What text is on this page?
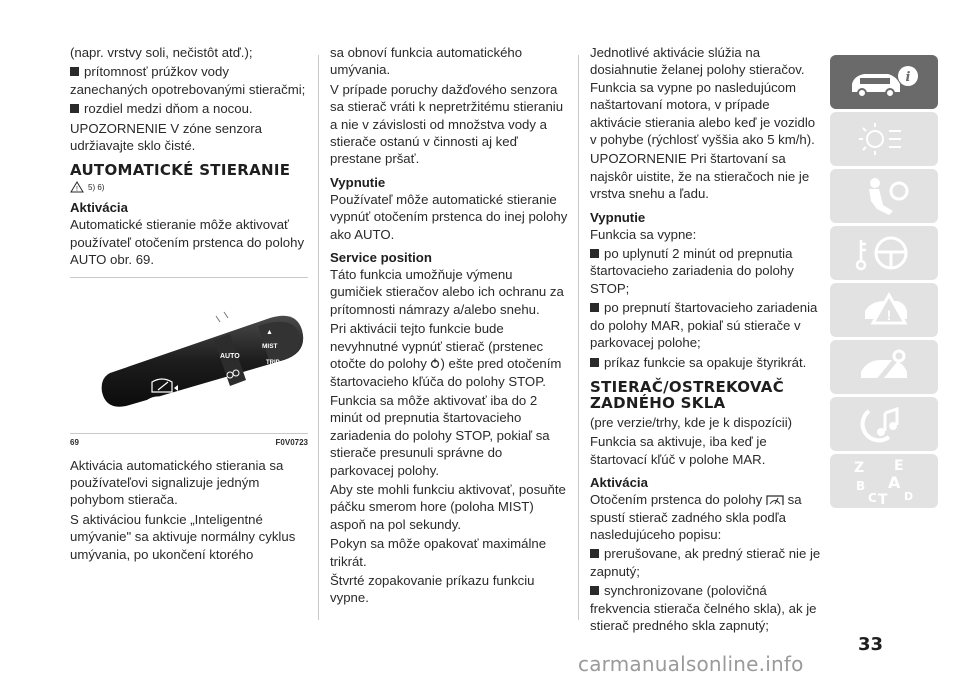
(napr. vrstvy soli, nečistôt atď.);

prítomnosť prúžkov vody zanechaných opotrebovanými stieračmi;

rozdiel medzi dňom a nocou.

UPOZORNENIE V zóne senzora udržiavajte sklo čisté.

AUTOMATICKÉ STIERANIE
! 5) 6)
Aktivácia

Automatické stieranie môže aktivovať používateľ otočením prstenca do polohy AUTO obr. 69.

AUTO
MIST
TRIP
RESET
▲
69	F0V0723

Aktivácia automatického stierania sa používateľovi signalizuje jedným pohybom stierača.

S aktiváciou funkcie „Inteligentné umývanie" sa aktivuje normálny cyklus umývania, po ukončení ktorého

sa obnoví funkcia automatického umývania.

V prípade poruchy dažďového senzora sa stierač vráti k nepretržitému stieraniu a nie v závislosti od množstva vody a stierače ostanú v činnosti aj keď prestane pršať.

Vypnutie

Používateľ môže automatické stieranie vypnúť otočením prstenca do inej polohy ako AUTO.

Service position

Táto funkcia umožňuje výmenu gumičiek stieračov alebo ich ochranu za prítomnosti námrazy a/alebo snehu.

Pri aktivácii tejto funkcie bude nevyhnutné vypnúť stierač (prstenec otočte do polohy ) ešte pred otočením štartovacieho kľúča do polohy STOP.

Funkcia sa môže aktivovať iba do 2 minút od prepnutia štartovacieho zariadenia do polohy STOP, pokiaľ sa stierače presunuli správne do parkovacej polohy.

Aby ste mohli funkciu aktivovať, posuňte páčku smerom hore (poloha MIST) aspoň na pol sekundy.

Pokyn sa môže opakovať maximálne trikrát.

Štvrté zopakovanie príkazu funkciu vypne.

Jednotlivé aktivácie slúžia na dosiahnutie želanej polohy stieračov. Funkcia sa vypne po nasledujúcom naštartovaní motora, v prípade aktivácie stierania alebo keď je vozidlo v pohybe (rýchlosť vyššia ako 5 km/h).

UPOZORNENIE Pri štartovaní sa najskôr uistite, že na stieračoch nie je vrstva snehu a ľadu.

Vypnutie

Funkcia sa vypne:

po uplynutí 2 minút od prepnutia štartovacieho zariadenia do polohy STOP;

po prepnutí štartovacieho zariadenia do polohy MAR, pokiaľ sú stierače v parkovacej polohe;

príkaz funkcie sa opakuje štyrikrát.

STIERAČ/OSTREKOVAČ ZADNÉHO SKLA

(pre verzie/trhy, kde je k dispozícii)

Funkcia sa aktivuje, iba keď je štartovací kľúč v polohe MAR.

Aktivácia

Otočením prstenca do polohy  sa spustí stierač zadného skla podľa nasledujúceho popisu:

prerušovane, ak predný stierač nie je zapnutý;

synchronizovane (polovičná frekvencia stierača čelného skla), ak je stierač predného skla zapnutý;

i
!
Z E
B A
C T D
33
carmanualsonline.info
